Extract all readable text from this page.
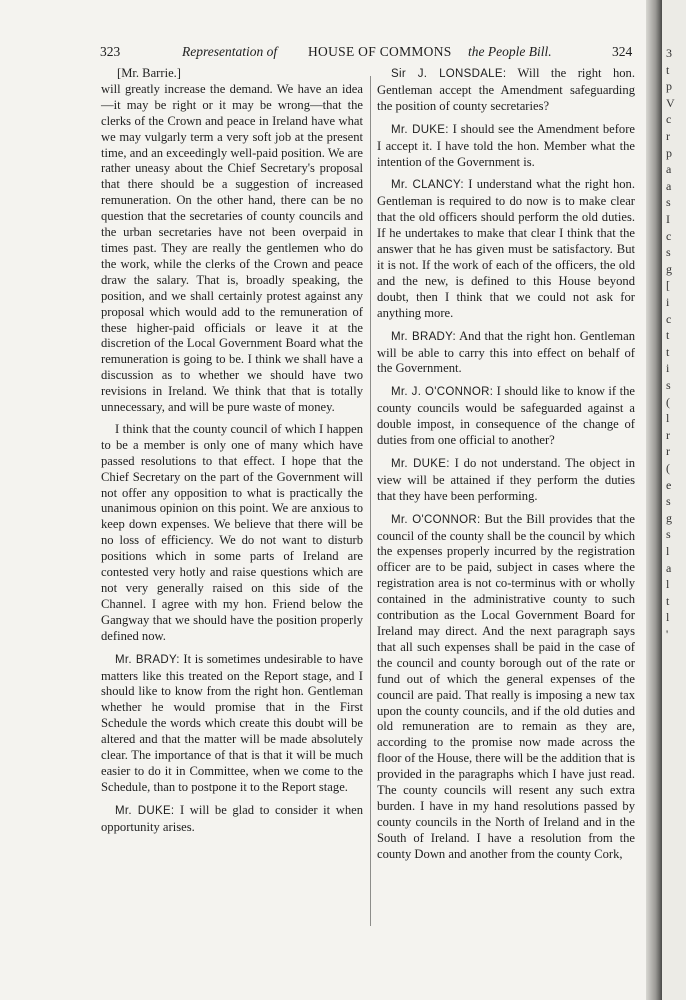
3
t
p
V
c
r
p
a
a
s
I
c
s
g
[
i
c
t
t
i
s
(
l
r
r
(
e
s
g
s
l
a
l
t
l
'
323	Representation of HOUSE OF COMMONS the People Bill.	324

[Mr. Barrie.]

will greatly increase the demand. We have an idea—it may be right or it may be wrong—that the clerks of the Crown and peace in Ireland have what we may vulgarly term a very soft job at the present time, and an exceedingly well-paid position. We are rather uneasy about the Chief Secretary's proposal that there should be a suggestion of increased remuneration. On the other hand, there can be no question that the secretaries of county councils and the urban secretaries have not been overpaid in times past. They are really the gentlemen who do the work, while the clerks of the Crown and peace draw the salary. That is, broadly speaking, the position, and we shall certainly protest against any proposal which would add to the remuneration of these higher-paid officials or leave it at the discretion of the Local Government Board what the remuneration is going to be. I think we shall have a discussion as to whether we should have two revisions in Ireland. We think that that is totally unnecessary, and will be pure waste of money.

I think that the county council of which I happen to be a member is only one of many which have passed resolutions to that effect. I hope that the Chief Secretary on the part of the Government will not offer any opposition to what is practically the unanimous opinion on this point. We are anxious to keep down expenses. We believe that there will be no loss of efficiency. We do not want to disturb positions which in some parts of Ireland are contested very hotly and raise questions which are not very generally raised on this side of the Channel. I agree with my hon. Friend below the Gangway that we should have the position properly defined now.

Mr. BRADY: It is sometimes undesirable to have matters like this treated on the Report stage, and I should like to know from the right hon. Gentleman whether he would promise that in the First Schedule the words which create this doubt will be altered and that the matter will be made absolutely clear. The importance of that is that it will be much easier to do it in Committee, when we come to the Schedule, than to postpone it to the Report stage.

Mr. DUKE: I will be glad to consider it when opportunity arises.

Sir J. LONSDALE: Will the right hon. Gentleman accept the Amendment safeguarding the position of county secretaries?

Mr. DUKE: I should see the Amendment before I accept it. I have told the hon. Member what the intention of the Government is.

Mr. CLANCY: I understand what the right hon. Gentleman is required to do now is to make clear that the old officers should perform the old duties. If he undertakes to make that clear I think that the answer that he has given must be satisfactory. But it is not. If the work of each of the officers, the old and the new, is defined to this House beyond doubt, then I think that we could not ask for anything more.

Mr. BRADY: And that the right hon. Gentleman will be able to carry this into effect on behalf of the Government.

Mr. J. O'CONNOR: I should like to know if the county councils would be safeguarded against a double impost, in consequence of the change of duties from one official to another?

Mr. DUKE: I do not understand. The object in view will be attained if they perform the duties that they have been performing.

Mr. O'CONNOR: But the Bill provides that the council of the county shall be the council by which the expenses properly incurred by the registration officer are to be paid, subject in cases where the registration area is not co-terminus with or wholly contained in the administrative county to such contribution as the Local Government Board for Ireland may direct. And the next paragraph says that all such expenses shall be paid in the case of the council and county borough out of the rate or fund out of which the general expenses of the council are paid. That really is imposing a new tax upon the county councils, and if the old duties and old remuneration are to remain as they are, according to the promise now made across the floor of the House, there will be the addition that is provided in the paragraphs which I have just read. The county councils will resent any such extra burden. I have in my hand resolutions passed by county councils in the North of Ireland and in the South of Ireland. I have a resolution from the county Down and another from the county Cork,
